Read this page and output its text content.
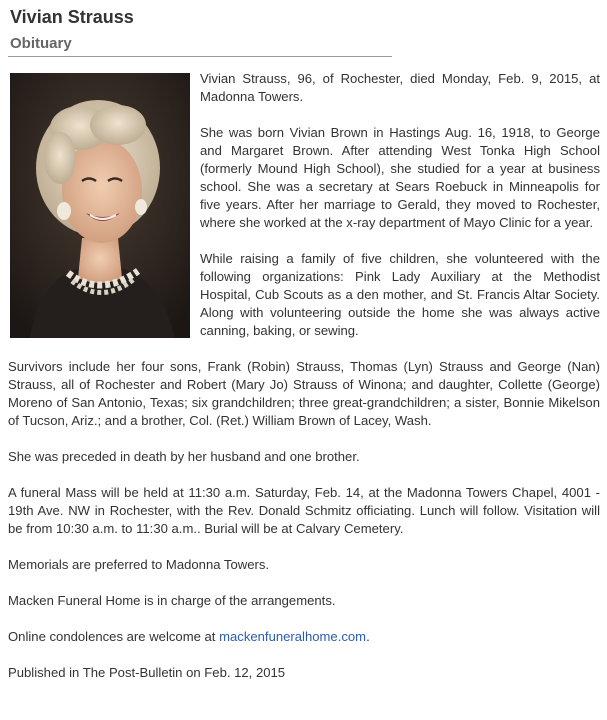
Vivian Strauss
Obituary

Vivian Strauss, 96, of Rochester, died Monday, Feb. 9, 2015, at Madonna Towers.

She was born Vivian Brown in Hastings Aug. 16, 1918, to George and Margaret Brown. After attending West Tonka High School (formerly Mound High School), she studied for a year at business school. She was a secretary at Sears Roebuck in Minneapolis for five years. After her marriage to Gerald, they moved to Rochester, where she worked at the x-ray department of Mayo Clinic for a year.

While raising a family of five children, she volunteered with the following organizations: Pink Lady Auxiliary at the Methodist Hospital, Cub Scouts as a den mother, and St. Francis Altar Society. Along with volunteering outside the home she was always active canning, baking, or sewing.

Survivors include her four sons, Frank (Robin) Strauss, Thomas (Lyn) Strauss and George (Nan) Strauss, all of Rochester and Robert (Mary Jo) Strauss of Winona; and daughter, Collette (George) Moreno of San Antonio, Texas; six grandchildren; three great-grandchildren; a sister, Bonnie Mikelson of Tucson, Ariz.; and a brother, Col. (Ret.) William Brown of Lacey, Wash.

She was preceded in death by her husband and one brother.

A funeral Mass will be held at 11:30 a.m. Saturday, Feb. 14, at the Madonna Towers Chapel, 4001 - 19th Ave. NW in Rochester, with the Rev. Donald Schmitz officiating. Lunch will follow. Visitation will be from 10:30 a.m. to 11:30 a.m.. Burial will be at Calvary Cemetery.

Memorials are preferred to Madonna Towers.

Macken Funeral Home is in charge of the arrangements.

Online condolences are welcome at mackenfuneralhome.com.

Published in The Post-Bulletin on Feb. 12, 2015
